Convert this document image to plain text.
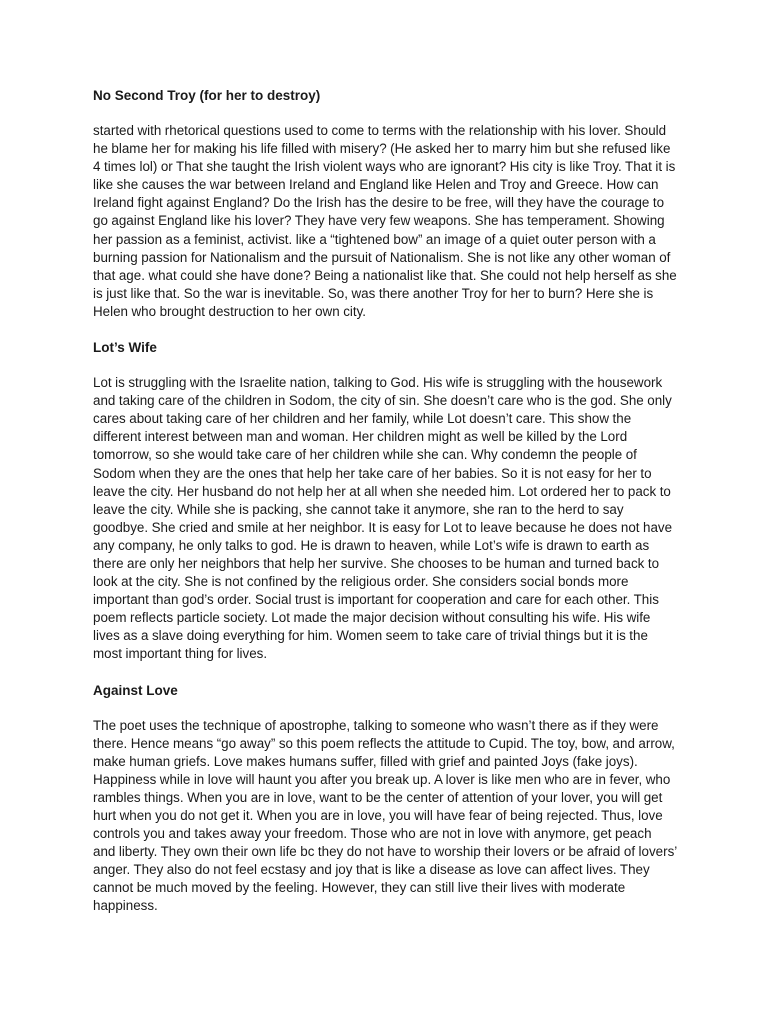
No Second Troy (for her to destroy)

started with rhetorical questions used to come to terms with the relationship with his lover. Should he blame her for making his life filled with misery? (He asked her to marry him but she refused like 4 times lol) or That she taught the Irish violent ways who are ignorant? His city is like Troy. That it is like she causes the war between Ireland and England like Helen and Troy and Greece. How can Ireland fight against England? Do the Irish has the desire to be free, will they have the courage to go against England like his lover? They have very few weapons. She has temperament. Showing her passion as a feminist, activist. like a “tightened bow” an image of a quiet outer person with a burning passion for Nationalism and the pursuit of Nationalism. She is not like any other woman of that age. what could she have done? Being a nationalist like that. She could not help herself as she is just like that. So the war is inevitable. So, was there another Troy for her to burn? Here she is Helen who brought destruction to her own city.

Lot’s Wife

Lot is struggling with the Israelite nation, talking to God. His wife is struggling with the housework and taking care of the children in Sodom, the city of sin. She doesn’t care who is the god. She only cares about taking care of her children and her family, while Lot doesn’t care. This show the different interest between man and woman. Her children might as well be killed by the Lord tomorrow, so she would take care of her children while she can. Why condemn the people of Sodom when they are the ones that help her take care of her babies. So it is not easy for her to leave the city. Her husband do not help her at all when she needed him. Lot ordered her to pack to leave the city. While she is packing, she cannot take it anymore, she ran to the herd to say goodbye. She cried and smile at her neighbor. It is easy for Lot to leave because he does not have any company, he only talks to god. He is drawn to heaven, while Lot’s wife is drawn to earth as there are only her neighbors that help her survive. She chooses to be human and turned back to look at the city. She is not confined by the religious order. She considers social bonds more important than god’s order. Social trust is important for cooperation and care for each other. This poem reflects particle society. Lot made the major decision without consulting his wife. His wife lives as a slave doing everything for him. Women seem to take care of trivial things but it is the most important thing for lives.

Against Love

The poet uses the technique of apostrophe, talking to someone who wasn’t there as if they were there. Hence means “go away” so this poem reflects the attitude to Cupid. The toy, bow, and arrow, make human griefs. Love makes humans suffer, filled with grief and painted Joys (fake joys). Happiness while in love will haunt you after you break up. A lover is like men who are in fever, who rambles things. When you are in love, want to be the center of attention of your lover, you will get hurt when you do not get it. When you are in love, you will have fear of being rejected. Thus, love controls you and takes away your freedom. Those who are not in love with anymore, get peach and liberty. They own their own life bc they do not have to worship their lovers or be afraid of lovers’ anger. They also do not feel ecstasy and joy that is like a disease as love can affect lives. They cannot be much moved by the feeling. However, they can still live their lives with moderate happiness.
